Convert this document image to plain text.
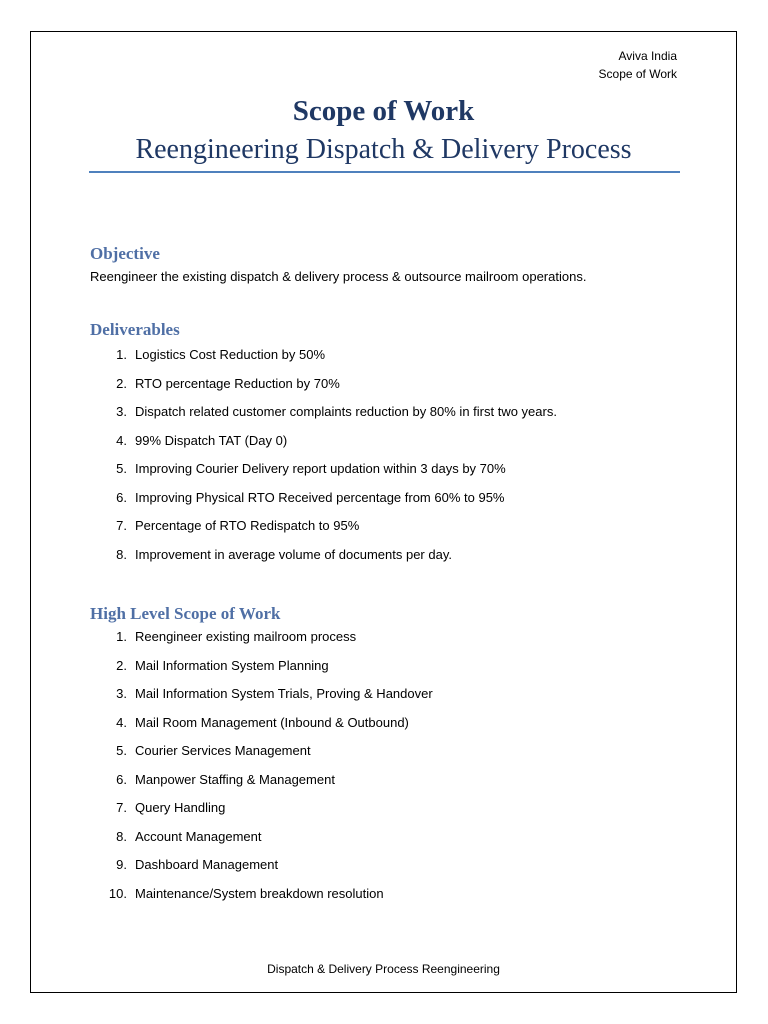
Aviva India
Scope of Work
Scope of Work
Reengineering Dispatch & Delivery Process
Objective
Reengineer the existing dispatch & delivery process & outsource mailroom operations.
Deliverables
1. Logistics Cost Reduction by 50%
2. RTO percentage Reduction by 70%
3. Dispatch related customer complaints reduction by 80% in first two years.
4. 99% Dispatch TAT (Day 0)
5. Improving Courier Delivery report updation within 3 days by 70%
6. Improving Physical RTO Received percentage from 60% to 95%
7. Percentage of RTO Redispatch to 95%
8. Improvement in average volume of documents per day.
High Level Scope of Work
1. Reengineer existing mailroom process
2. Mail Information System Planning
3. Mail Information System Trials, Proving & Handover
4. Mail Room Management (Inbound & Outbound)
5. Courier Services Management
6. Manpower Staffing & Management
7. Query Handling
8. Account Management
9. Dashboard Management
10. Maintenance/System breakdown resolution
Dispatch & Delivery Process Reengineering
